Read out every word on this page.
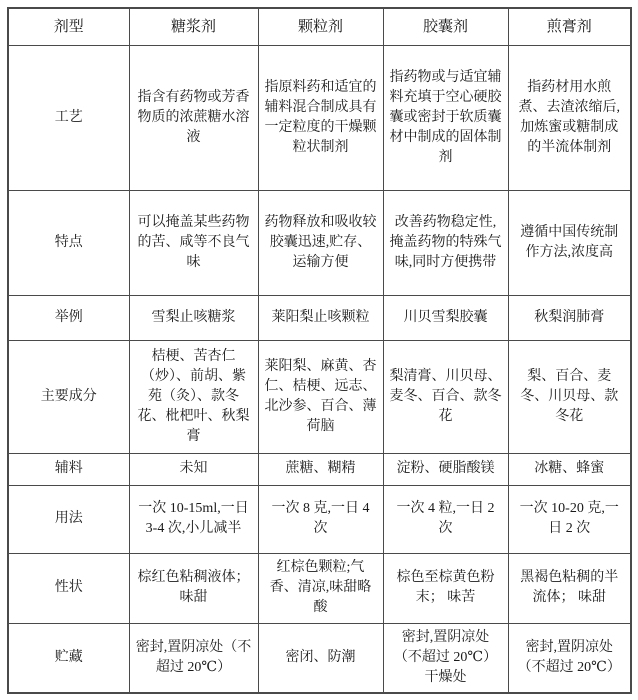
剂型	糖浆剂	颗粒剂	胶囊剂	煎膏剂
工艺	指含有药物或芳香物质的浓蔗糖水溶液	指原料药和适宜的辅料混合制成具有一定粒度的干燥颗粒状制剂	指药物或与适宜辅料充填于空心硬胶囊或密封于软质囊材中制成的固体制剂	指药材用水煎煮、去渣浓缩后,加炼蜜或糖制成的半流体制剂
特点	可以掩盖某些药物的苦、咸等不良气味	药物释放和吸收较胶囊迅速,贮存、运输方便	改善药物稳定性,掩盖药物的特殊气味,同时方便携带	遵循中国传统制作方法,浓度高
举例	雪梨止咳糖浆	莱阳梨止咳颗粒	川贝雪梨胶囊	秋梨润肺膏
主要成分	桔梗、苦杏仁（炒）、前胡、紫苑（灸）、款冬花、枇杷叶、秋梨膏	莱阳梨、麻黄、杏仁、桔梗、远志、北沙参、百合、薄荷脑	梨清膏、川贝母、麦冬、百合、款冬花	梨、百合、麦冬、川贝母、款冬花
辅料	未知	蔗糖、糊精	淀粉、硬脂酸镁	冰糖、蜂蜜
用法	一次 10-15ml,一日 3-4 次,小儿减半	一次 8 克,一日 4 次	一次 4 粒,一日 2 次	一次 10-20 克,一日 2 次
性状	棕红色粘稠液体； 味甜	红棕色颗粒;气香、清凉,味甜略酸	棕色至棕黄色粉末； 味苦	黑褐色粘稠的半流体； 味甜
贮藏	密封,置阴凉处（不超过 20℃）	密闭、防潮	密封,置阴凉处（不超过 20℃）干燥处	密封,置阴凉处（不超过 20℃）
